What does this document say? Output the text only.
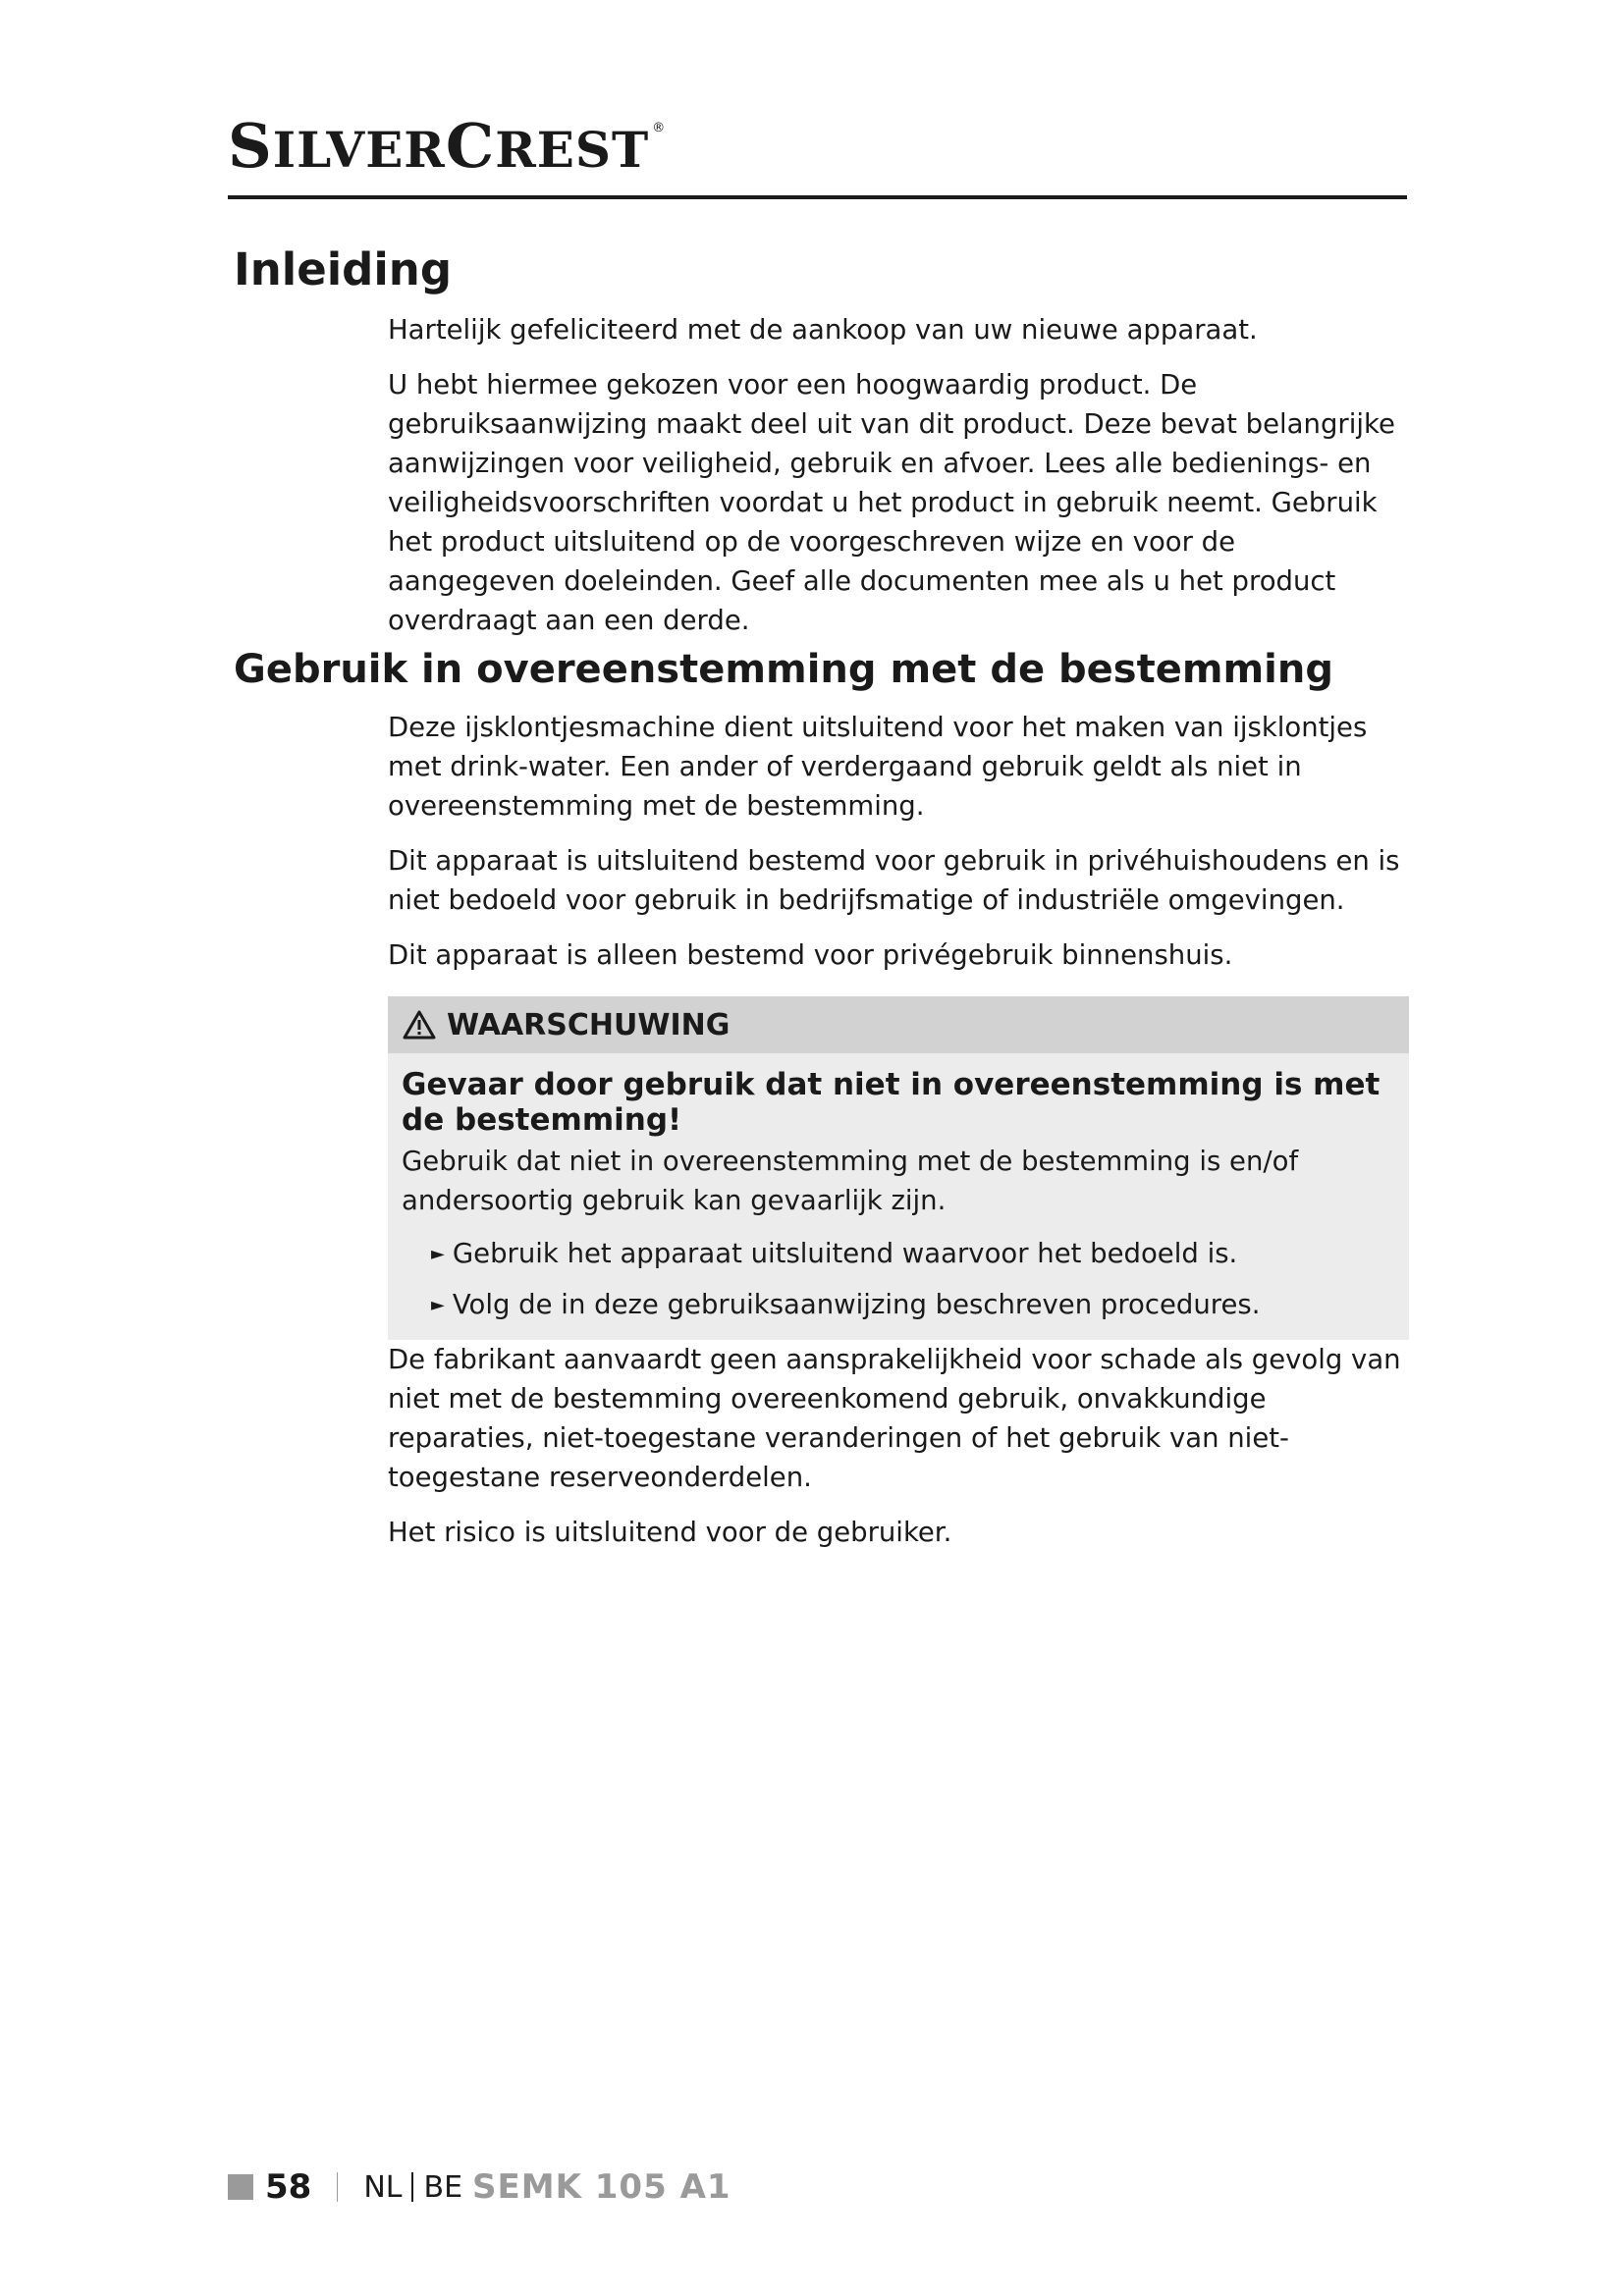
SILVERCREST ®
Inleiding

Hartelijk gefeliciteerd met de aankoop van uw nieuwe apparaat.

U hebt hiermee gekozen voor een hoogwaardig product. De gebruiksaanwijzing maakt deel uit van dit product. Deze bevat belangrijke aanwijzingen voor veiligheid, gebruik en afvoer. Lees alle bedienings- en veiligheidsvoorschriften voordat u het product in gebruik neemt. Gebruik het product uitsluitend op de voorgeschreven wijze en voor de aangegeven doeleinden. Geef alle documenten mee als u het product overdraagt aan een derde.

Gebruik in overeenstemming met de bestemming

Deze ijsklontjesmachine dient uitsluitend voor het maken van ijsklontjes met drink-water. Een ander of verdergaand gebruik geldt als niet in overeenstemming met de bestemming.

Dit apparaat is uitsluitend bestemd voor gebruik in privéhuishoudens en is niet bedoeld voor gebruik in bedrijfsmatige of industriële omgevingen.

Dit apparaat is alleen bestemd voor privégebruik binnenshuis.

WAARSCHUWING

Gevaar door gebruik dat niet in overeenstemming is met de bestemming!

Gebruik dat niet in overeenstemming met de bestemming is en/of andersoortig gebruik kan gevaarlijk zijn.

► Gebruik het apparaat uitsluitend waarvoor het bedoeld is.
► Volg de in deze gebruiksaanwijzing beschreven procedures.

De fabrikant aanvaardt geen aansprakelijkheid voor schade als gevolg van niet met de bestemming overeenkomend gebruik, onvakkundige reparaties, niet-toegestane veranderingen of het gebruik van niet-toegestane reserveonderdelen.

Het risico is uitsluitend voor de gebruiker.

58 NL BE SEMK 105 A1
